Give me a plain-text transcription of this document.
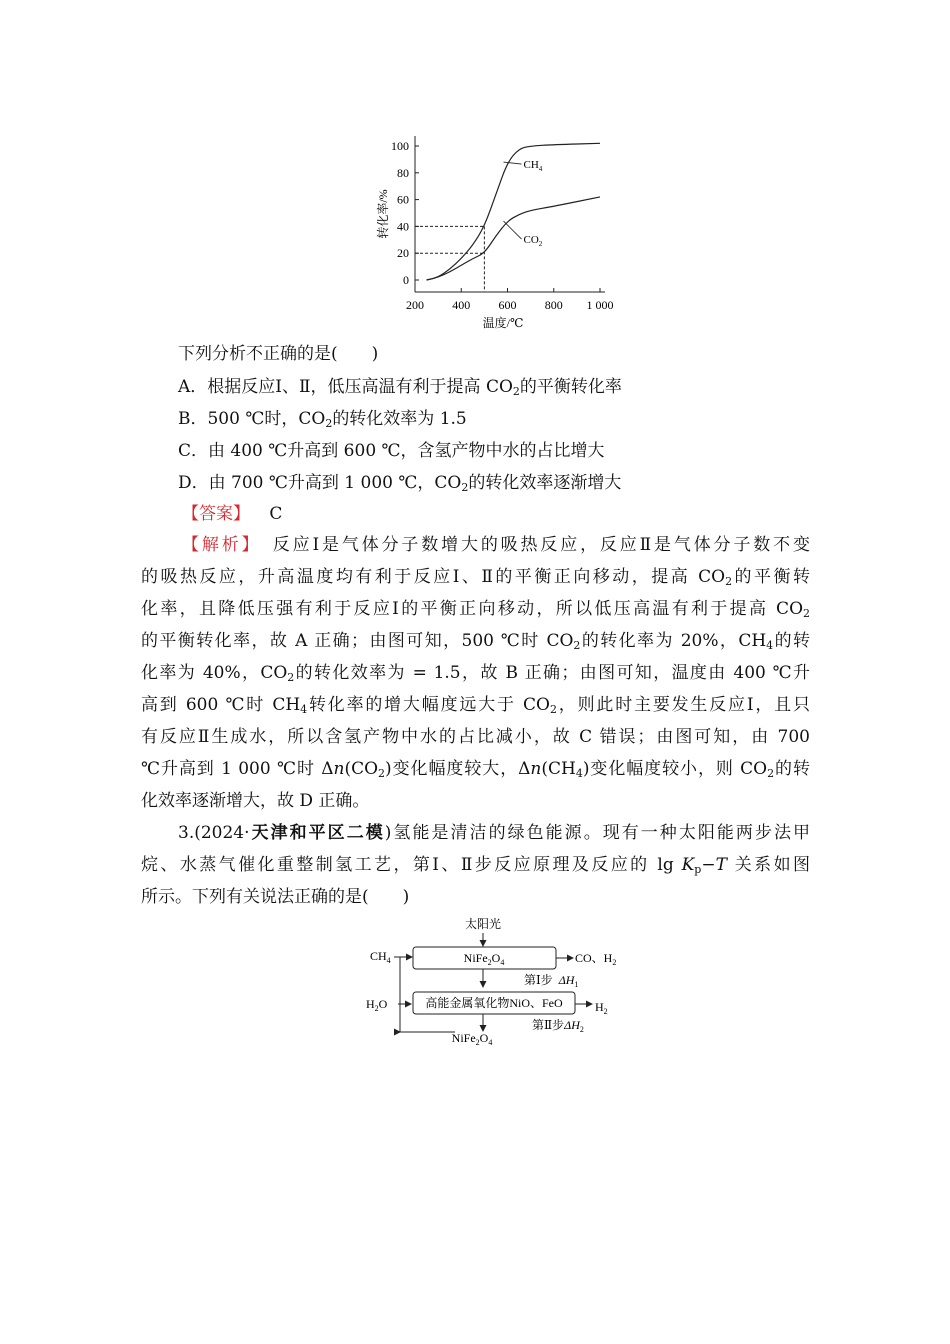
0
20
40
60
80
100
200 400 600 800 1 000
$CH_4$
$CO_2$
转化率/%
温度/℃
下列分析不正确的是(　　)
A．根据反应Ⅰ、Ⅱ，低压高温有利于提高 $CO_2$的平衡转化率
B．500 ℃时，$CO_2$的转化效率为 1.5
C．由 400 ℃升高到 600 ℃，含氢产物中水的占比增大
D．由 700 ℃升高到 1 000 ℃，$CO_2$的转化效率逐渐增大
【答案】 C
【解析】　 反应Ⅰ是气体分子数增大的吸热反应，反应Ⅱ是气体分子数不变
的吸热反应，升高温度均有利于反应Ⅰ、Ⅱ的平衡正向移动，提高 $CO_2$的平衡转
化率，且降低压强有利于反应Ⅰ的平衡正向移动，所以低压高温有利于提高 $CO_2$
的平衡转化率，故 A 正确；由图可知，500 ℃时 $CO_2$的转化率为 20%，$CH_4$的转
化率为 40%，$CO_2$的转化效率为 = 1.5，故 B 正确；由图可知，温度由 400 ℃升
高到 600 ℃时 $CH_4$转化率的增大幅度远大于 $CO_2$，则此时主要发生反应Ⅰ，且只
有反应Ⅱ生成水，所以含氢产物中水的占比减小，故 C 错误；由图可知，由 700
℃升高到 1 000 ℃时 $\Delta n(CO_2)$变化幅度较大，$\Delta n(CH_4)$变化幅度较小，则 $CO_2$的转
化效率逐渐增大，故 D 正确。
3.(2024·天津和平区二模)氢能是清洁的绿色能源。现有一种太阳能两步法甲
烷、水蒸气催化重整制氢工艺，第Ⅰ、Ⅱ步反应原理及反应的 $\lg K_p-T$ 关系如图
所示。下列有关说法正确的是(　　)
太阳光
$CH_4$	$NiFe_2O_4$	CO、$H_2$
第Ⅰ步 $\Delta H_1$
$H_2O$	高能金属氧化物NiO、FeO	$H_2$
第Ⅱ步$\Delta H_2$
$NiFe_2O_4$
